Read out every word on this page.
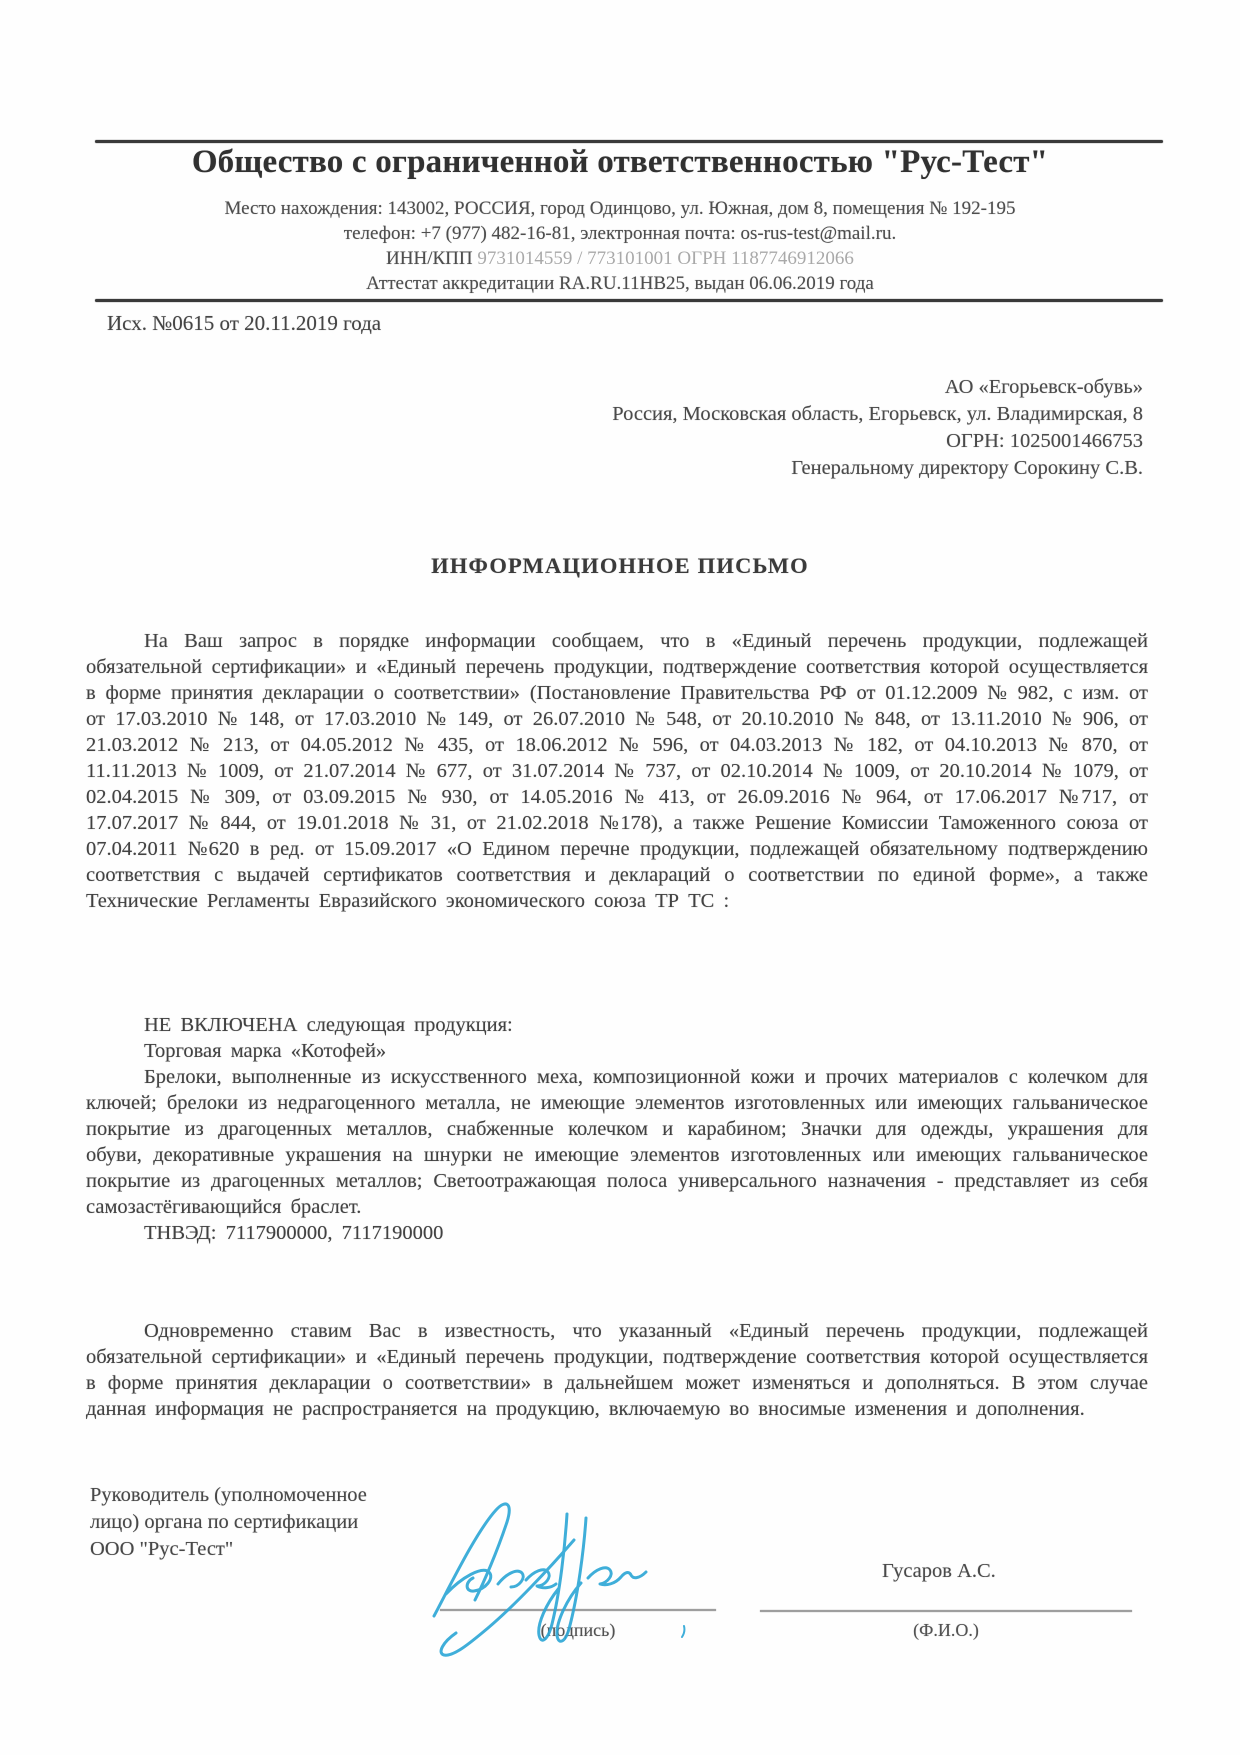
Общество с ограниченной ответственностью "Рус-Тест"
Место нахождения: 143002, РОССИЯ, город Одинцово, ул. Южная, дом 8, помещения № 192-195
телефон: +7 (977) 482-16-81, электронная почта: os-rus-test@mail.ru.
ИНН/КПП 9731014559 / 773101001 ОГРН 1187746912066
Аттестат аккредитации RA.RU.11НВ25, выдан 06.06.2019 года
Исх. №0615 от 20.11.2019 года
АО «Егорьевск-обувь»
Россия, Московская область, Егорьевск, ул. Владимирская, 8
ОГРН: 1025001466753
Генеральному директору Сорокину С.В.
ИНФОРМАЦИОННОЕ ПИСЬМО

На Ваш запрос в порядке информации сообщаем, что в «Единый перечень продукции, подлежащей обязательной сертификации» и «Единый перечень продукции, подтверждение соответствия которой осуществляется в форме принятия декларации о соответствии» (Постановление Правительства РФ от 01.12.2009 № 982, с изм. от от 17.03.2010 № 148, от 17.03.2010 № 149, от 26.07.2010 № 548, от 20.10.2010 № 848, от 13.11.2010 № 906, от 21.03.2012 № 213, от 04.05.2012 № 435, от 18.06.2012 № 596, от 04.03.2013 № 182, от 04.10.2013 № 870, от 11.11.2013 № 1009, от 21.07.2014 № 677, от 31.07.2014 № 737, от 02.10.2014 № 1009, от 20.10.2014 № 1079, от 02.04.2015 № 309, от 03.09.2015 № 930, от 14.05.2016 № 413, от 26.09.2016 № 964, от 17.06.2017 №717, от 17.07.2017 № 844, от 19.01.2018 № 31, от 21.02.2018 №178), а также Решение Комиссии Таможенного союза от 07.04.2011 №620 в ред. от 15.09.2017 «О Едином перечне продукции, подлежащей обязательному подтверждению соответствия с выдачей сертификатов соответствия и деклараций о соответствии по единой форме», а также Технические Регламенты Евразийского экономического союза ТР ТС :

НЕ ВКЛЮЧЕНА следующая продукция:
Торговая марка «Котофей»

Брелоки, выполненные из искусственного меха, композиционной кожи и прочих материалов с колечком для ключей; брелоки из недрагоценного металла, не имеющие элементов изготовленных или имеющих гальваническое покрытие из драгоценных металлов, снабженные колечком и карабином; Значки для одежды, украшения для обуви, декоративные украшения на шнурки не имеющие элементов изготовленных или имеющих гальваническое покрытие из драгоценных металлов; Светоотражающая полоса универсального назначения - представляет из себя самозастёгивающийся браслет.

ТНВЭД: 7117900000, 7117190000

Одновременно ставим Вас в известность, что указанный «Единый перечень продукции, подлежащей обязательной сертификации» и «Единый перечень продукции, подтверждение соответствия которой осуществляется в форме принятия декларации о соответствии» в дальнейшем может изменяться и дополняться. В этом случае данная информация не распространяется на продукцию, включаемую во вносимые изменения и дополнения.

Руководитель (уполномоченное
лицо) органа по сертификации
ООО "Рус-Тест"
Гусаров А.С.
(подпись)	(Ф.И.О.)
